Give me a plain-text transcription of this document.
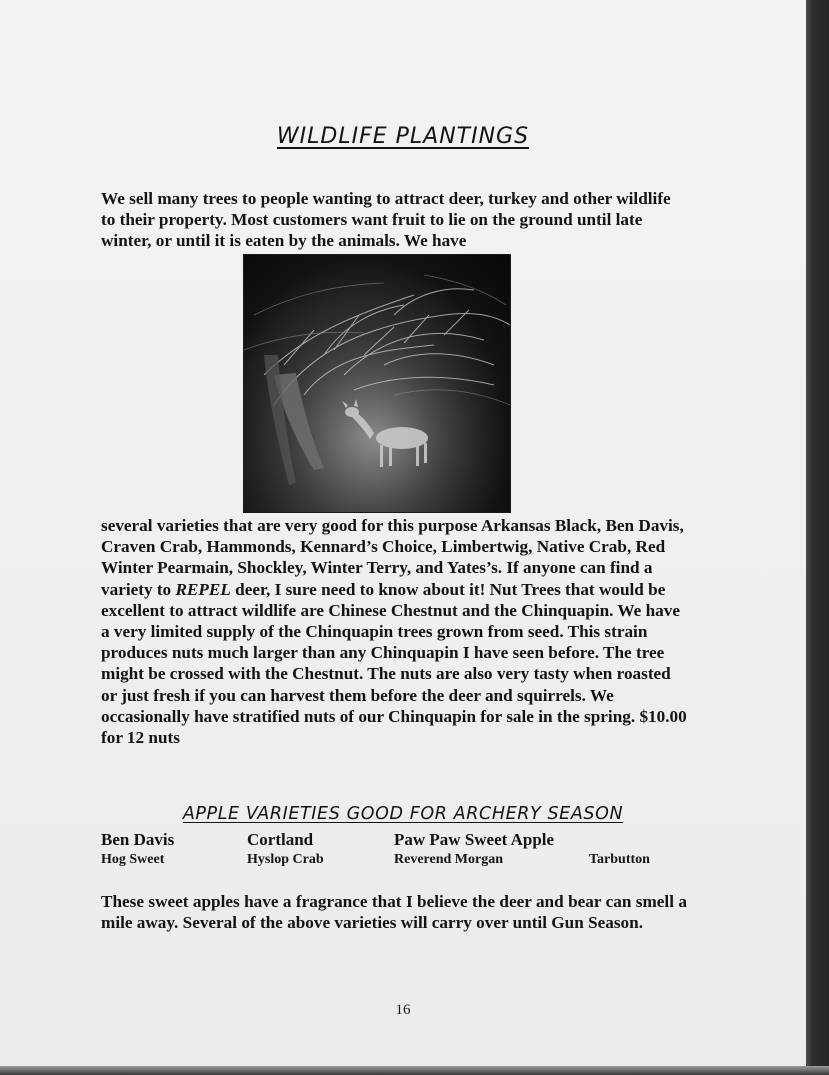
WILDLIFE PLANTINGS

We sell many trees to people wanting to attract deer, turkey and other wildlife to their property. Most customers want fruit to lie on the ground until late winter, or until it is eaten by the animals. We have

several varieties that are very good for this purpose Arkansas Black, Ben Davis, Craven Crab, Hammonds, Kennard’s Choice, Limbertwig, Native Crab, Red Winter Pearmain, Shockley, Winter Terry, and Yates’s. If anyone can find a variety to REPEL deer, I sure need to know about it! Nut Trees that would be excellent to attract wildlife are Chinese Chestnut and the Chinquapin. We have a very limited supply of the Chinquapin trees grown from seed. This strain produces nuts much larger than any Chinquapin I have seen before. The tree might be crossed with the Chestnut. The nuts are also very tasty when roasted or just fresh if you can harvest them before the deer and squirrels. We occasionally have stratified nuts of our Chinquapin for sale in the spring. $10.00 for 12 nuts

APPLE VARIETIES GOOD FOR ARCHERY SEASON
Ben Davis	Cortland	Paw Paw Sweet Apple
Hog Sweet	Hyslop Crab	Reverend Morgan	Tarbutton

These sweet apples have a fragrance that I believe the deer and bear can smell a mile away. Several of the above varieties will carry over until Gun Season.

16
